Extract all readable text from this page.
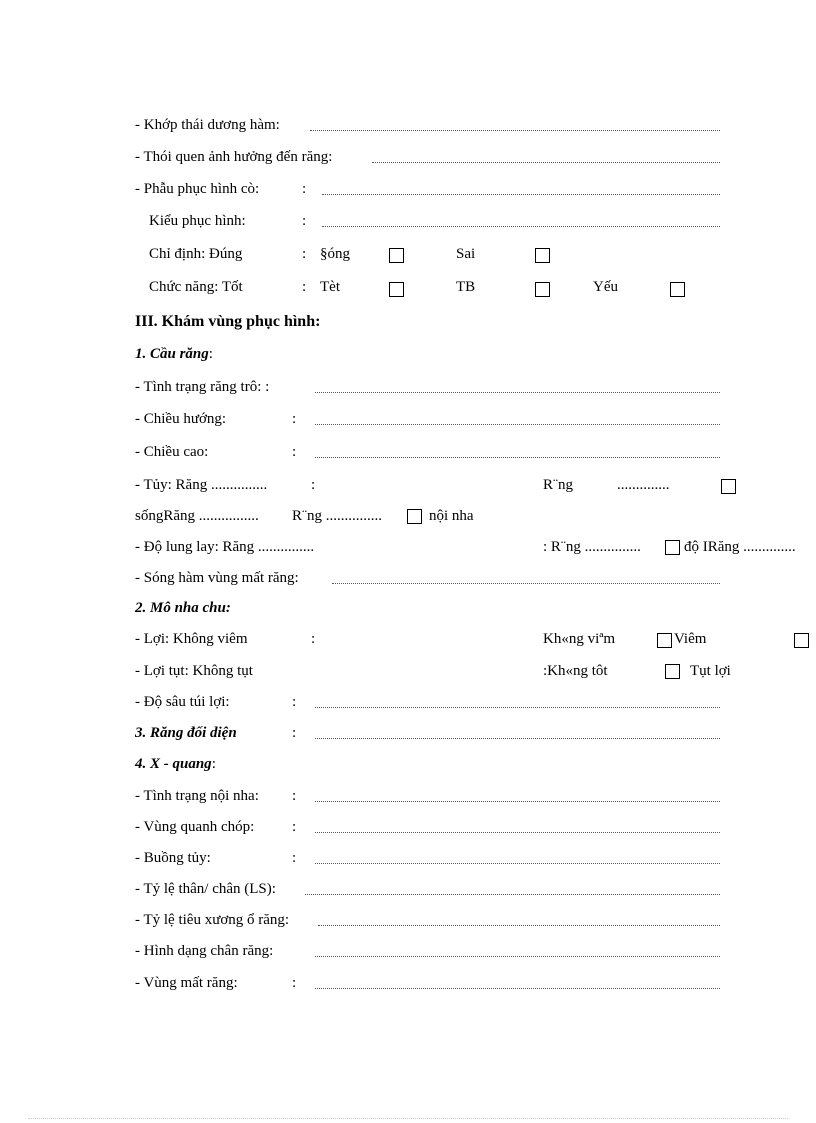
- Khớp thái dương hàm:
- Thói quen ảnh hưởng đến răng:
- Phẫu phục hình cò:	:
Kiểu phục hình:	:
Chỉ định: Đúng	: §óng	Sai
Chức năng: Tốt	: Tèt	TB	Yếu
III. Khám vùng phục hình:
1. Cầu răng:
- Tình trạng răng trô: :
- Chiều hướng:	:
- Chiều cao:	:
- Tủy: Răng ...............	:	R¨ng	..............
sốngRăng ................ R¨ng ...............	nội nha
- Độ lung lay: Răng ...............	: R¨ng ...............	độ IRăng ..............
- Sóng hàm vùng mất răng:
2. Mô nha chu:
- Lợi: Không viêm	:	Kh«ng viªm	Viêm
- Lợi tụt: Không tụt	:Kh«ng tôt	Tụt lợi
- Độ sâu túi lợi:	:
3. Răng đối diện	:
4. X - quang:
- Tình trạng nội nha: :
- Vùng quanh chóp:	:
- Buồng tủy:	:
- Tỷ lệ thân/ chân (LS):
- Tỷ lệ tiêu xương ổ răng:
- Hình dạng chân răng:
- Vùng mất răng:	:
